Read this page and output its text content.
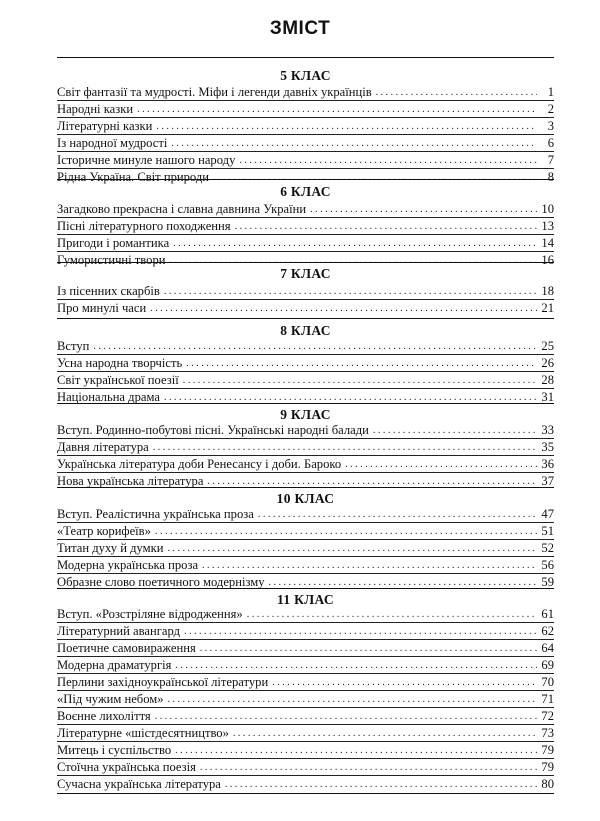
ЗМІСТ
5 КЛАС
Світ фантазії та мудрості. Міфи і легенди давніх українців . . .	1
Народні казки . . .	2
Літературні казки . . .	3
Із народної мудрості . . .	6
Історичне минуле нашого народу . . .	7
Рідна Україна. Світ природи . . .	8
6 КЛАС
Загадково прекрасна і славна давнина України . . .	10
Пісні літературного походження . . .	13
Пригоди і романтика . . .	14
Гумористичні твори . . .	16
7 КЛАС
Із пісенних скарбів . . .	18
Про минулі часи . . .	21
8 КЛАС
Вступ . . .	25
Усна народна творчість . . .	26
Світ української поезії . . .	28
Національна драма . . .	31
9 КЛАС
Вступ. Родинно-побутові пісні. Українські народні балади . . .	33
Давня література . . .	35
Українська література доби Ренесансу і доби. Бароко . . .	36
Нова українська література . . .	37
10 КЛАС
Вступ. Реалістична українська проза . . .	47
«Театр корифеїв» . . .	51
Титан духу й думки . . .	52
Модерна українська проза . . .	56
Образне слово поетичного модернізму . . .	59
11 КЛАС
Вступ. «Розстріляне відродження» . . .	61
Літературний авангард . . .	62
Поетичне самовираження . . .	64
Модерна драматургія . . .	69
Перлини західноукраїнської літератури . . .	70
«Під чужим небом» . . .	71
Воєнне лихоліття . . .	72
Літературне «шістдесятництво» . . .	73
Митець і суспільство . . .	79
Стоїчна українська поезія . . .	79
Сучасна українська література . . .	80
